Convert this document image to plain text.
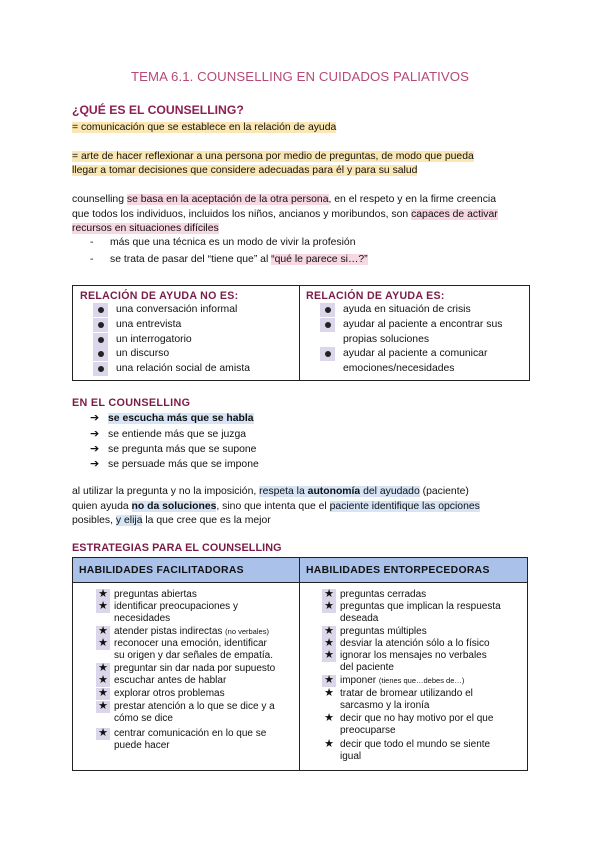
TEMA 6.1. COUNSELLING EN CUIDADOS PALIATIVOS
¿QUÉ ES EL COUNSELLING?
= comunicación que se establece en la relación de ayuda
= arte de hacer reflexionar a una persona por medio de preguntas, de modo que pueda
llegar a tomar decisiones que considere adecuadas para él y para su salud
counselling se basa en la aceptación de la otra persona, en el respeto y en la firme creencia
que todos los individuos, incluidos los niños, ancianos y moribundos, son capaces de activar
recursos en situaciones difíciles
- más que una técnica es un modo de vivir la profesión
- se trata de pasar del “tiene que” al “qué le parece si…?”
RELACIÓN DE AYUDA NO ES:	RELACIÓN DE AYUDA ES:
una conversación informal
una entrevista
un interrogatorio
un discurso
una relación social de amista
ayuda en situación de crisis
ayudar al paciente a encontrar sus
propias soluciones
ayudar al paciente a comunicar
emociones/necesidades
EN EL COUNSELLING
➔ se escucha más que se habla
➔ se entiende más que se juzga
➔ se pregunta más que se supone
➔ se persuade más que se impone
al utilizar la pregunta y no la imposición, respeta la autonomía del ayudado (paciente)
quien ayuda no da soluciones, sino que intenta que el paciente identifique las opciones
posibles, y elija la que cree que es la mejor
ESTRATEGIAS PARA EL COUNSELLING
HABILIDADES FACILITADORAS	HABILIDADES ENTORPECEDORAS
★ preguntas abiertas
★ identificar preocupaciones y
necesidades
★ atender pistas indirectas (no verbales)
★ reconocer una emoción, identificar
su origen y dar señales de empatía.
★ preguntar sin dar nada por supuesto
★ escuchar antes de hablar
★ explorar otros problemas
★ prestar atención a lo que se dice y a
cómo se dice
★ centrar comunicación en lo que se
puede hacer
★ preguntas cerradas
★ preguntas que implican la respuesta
deseada
★ preguntas múltiples
★ desviar la atención sólo a lo físico
★ ignorar los mensajes no verbales
del paciente
★ imponer (tienes que…debes de…)
★ tratar de bromear utilizando el
sarcasmo y la ironía
★ decir que no hay motivo por el que
preocuparse
★ decir que todo el mundo se siente
igual
